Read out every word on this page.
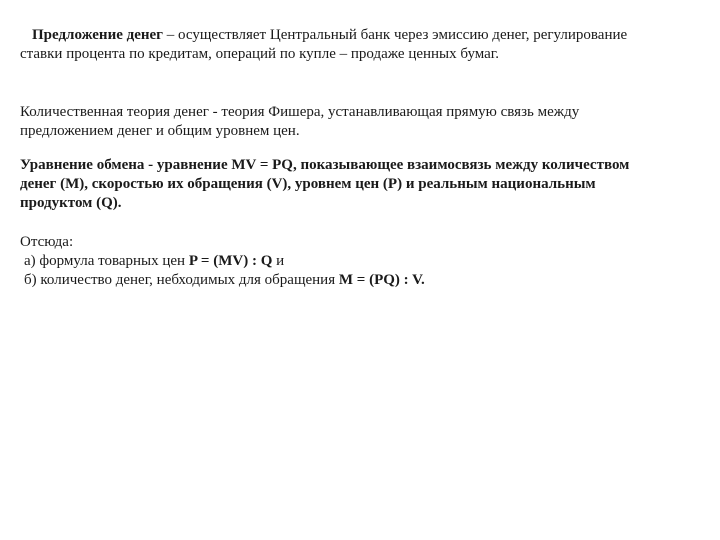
Предложение денег – осуществляет Центральный банк через эмиссию денег, регулирование
ставки процента по кредитам, операций по купле – продаже ценных бумаг.
Количественная теория денег - теория Фишера, устанавливающая прямую связь между
предложением денег и общим уровнем цен.
Уравнение обмена - уравнение MV = PQ, показывающее взаимосвязь между количеством
денег (M), скоростью их обращения (V), уровнем цен (P) и реальным национальным
продуктом (Q).
Отсюда:
а) формула товарных цен P = (MV) : Q и
б) количество денег, небходимых для обращения M = (PQ) : V.
